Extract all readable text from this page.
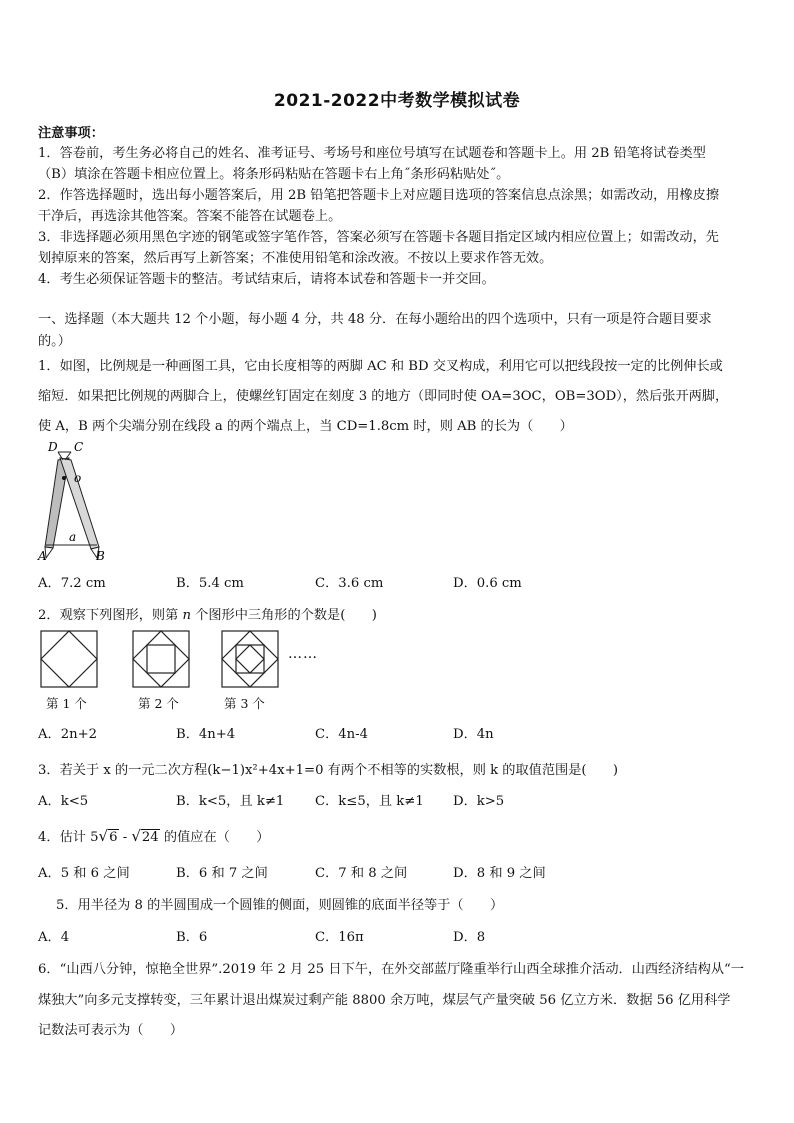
2021-2022中考数学模拟试卷
注意事项：
1．答卷前，考生务必将自己的姓名、准考证号、考场号和座位号填写在试题卷和答题卡上。用 2B 铅笔将试卷类型
（B）填涂在答题卡相应位置上。将条形码粘贴在答题卡右上角˝条形码粘贴处˝。
2．作答选择题时，选出每小题答案后，用 2B 铅笔把答题卡上对应题目选项的答案信息点涂黑；如需改动，用橡皮擦
干净后，再选涂其他答案。答案不能答在试题卷上。
3．非选择题必须用黑色字迹的钢笔或签字笔作答，答案必须写在答题卡各题目指定区域内相应位置上；如需改动，先
划掉原来的答案，然后再写上新答案；不准使用铅笔和涂改液。不按以上要求作答无效。
4．考生必须保证答题卡的整洁。考试结束后，请将本试卷和答题卡一并交回。
一、选择题（本大题共 12 个小题，每小题 4 分，共 48 分．在每小题给出的四个选项中，只有一项是符合题目要求
的。）
1．如图，比例规是一种画图工具，它由长度相等的两脚 AC 和 BD 交叉构成，利用它可以把线段按一定的比例伸长或
缩短．如果把比例规的两脚合上，使螺丝钉固定在刻度 3 的地方（即同时使 OA=3OC，OB=3OD），然后张开两脚，
使 A，B 两个尖端分别在线段 a 的两个端点上，当 CD=1.8cm 时，则 AB 的长为（　　）
D C
o
A	B
a
A．7.2 cm	B．5.4 cm	C．3.6 cm	D．0.6 cm
2．观察下列图形，则第 n 个图形中三角形的个数是(　　)
……
第 1 个	第 2 个	第 3 个
A．2n+2	B．4n+4	C．4n-4	D．4n
3．若关于 x 的一元二次方程(k−1)x²+4x+1=0 有两个不相等的实数根，则 k 的取值范围是(　　)
A．k<5	B．k<5，且 k≠1 C．k≤5，且 k≠1 D．k>5
4．估计 5√6 - √24 的值应在（　　）
A．5 和 6 之间	B．6 和 7 之间	C．7 和 8 之间	D．8 和 9 之间
5．用半径为 8 的半圆围成一个圆锥的侧面，则圆锥的底面半径等于（　　）
A．4	B．6	C．16π	D．8
6．“山西八分钟，惊艳全世界”.2019 年 2 月 25 日下午，在外交部蓝厅隆重举行山西全球推介活动．山西经济结构从“一
煤独大”向多元支撑转变，三年累计退出煤炭过剩产能 8800 余万吨，煤层气产量突破 56 亿立方米．数据 56 亿用科学
记数法可表示为（　　）
